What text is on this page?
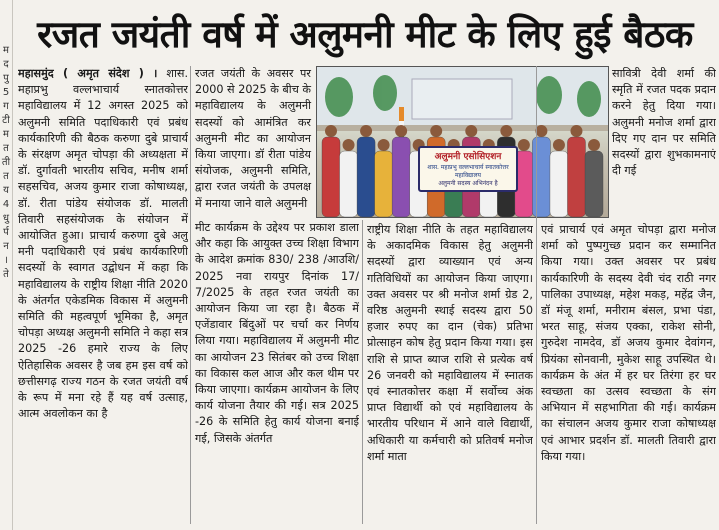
म
द
पु
5
ग
टी
म
त
ती
त
य
4
धु
र्प
न
।
ते
रजत जयंती वर्ष में अलुमनी मीट के लिए हुई बैठक

महासमुंद ( अमृत संदेश ) । शास. महाप्रभु वल्लभाचार्य स्नातकोत्तर महाविद्यालय में 12 अगस्त 2025 को अलुमनी समिति पदाधिकारी एवं प्रबंध कार्यकारिणी की बैठक करुणा दुबे प्राचार्य के संरक्षण अमृत चोपड़ा की अध्यक्षता में डॉ. दुर्गावती भारतीय सचिव, मनीष शर्मा सहसचिव, अजय कुमार राजा कोषाध्यक्ष, डॉ. रीता पांडेय संयोजक डॉ. मालती तिवारी सहसंयोजक के संयोजन में आयोजित हुआ। प्राचार्य करुणा दुबे अलु मनी पदाधिकारी एवं प्रबंध कार्यकारिणी सदस्यों के स्वागत उद्बोधन में कहा कि महाविद्यालय के राष्ट्रीय शिक्षा नीति 2020 के अंतर्गत एकेडमिक विकास में अलुमनी समिति की महत्वपूर्ण भूमिका है, अमृत चोपड़ा अध्यक्ष अलुमनी समिति ने कहा सत्र 2025 -26 हमारे राज्य के लिए ऐतिहासिक अवसर है जब हम इस वर्ष को छत्तीसगढ़ राज्य गठन के रजत जयंती वर्ष के रूप में मना रहे हैं यह वर्ष उत्साह, आत्म अवलोकन का है

रजत जयंती के अवसर पर 2000 से 2025 के बीच के महाविद्यालय के अलुमनी सदस्यों को आमंत्रित कर अलुमनी मीट का आयोजन किया जाएगा। डॉ रीता पांडेय संयोजक, अलुमनी समिति, द्वारा रजत जयंती के उपलक्ष में मनाया जाने वाले अलुमनी

मीट कार्यक्रम के उद्देश्य पर प्रकाश डाला और कहा कि आयुक्त उच्च शिक्षा विभाग के आदेश क्रमांक 830/ 238 /आउशि/ 2025 नवा रायपुर दिनांक 17/ 7/2025 के तहत रजत जयंती का आयोजन किया जा रहा है। बैठक में एजेंडावार बिंदुओं पर चर्चा कर निर्णय लिया गया। महाविद्यालय में अलुमनी मीट का आयोजन 23 सितंबर को उच्च शिक्षा का विकास कल आज और कल थीम पर किया जाएगा। कार्यक्रम आयोजन के लिए कार्य योजना तैयार की गई। सत्र 2025 -26 के समिति हेतु कार्य योजना बनाई गई, जिसके अंतर्गत

अलुमनी एसोसिएशन
शास. महाप्रभु वल्लभाचार्य स्नातकोत्तर महाविद्यालय
अलुमनी सदस्य अभिनंदन है

राष्ट्रीय शिक्षा नीति के तहत महाविद्यालय के अकादमिक विकास हेतु अलुमनी सदस्यों द्वारा व्याख्यान एवं अन्य गतिविधियों का आयोजन किया जाएगा। उक्त अवसर पर श्री मनोज शर्मा ग्रेड 2, वरिष्ठ अलुमनी स्थाई सदस्य द्वारा 50 हजार रुपए का दान (चेक) प्रतिभा प्रोत्साहन कोष हेतु प्रदान किया गया। इस राशि से प्राप्त ब्याज राशि से प्रत्येक वर्ष 26 जनवरी को महाविद्यालय में स्नातक एवं स्नातकोत्तर कक्षा में सर्वोच्च अंक प्राप्त विद्यार्थी को एवं महाविद्यालय के भारतीय परिधान में आने वाले विद्यार्थी, अधिकारी या कर्मचारी को प्रतिवर्ष मनोज शर्मा माता

सावित्री देवी शर्मा की स्मृति में रजत पदक प्रदान करने हेतु दिया गया। अलुमनी मनोज शर्मा द्वारा दिए गए दान पर समिति सदस्यों द्वारा शुभकामनाएं दी गई

एवं प्राचार्य एवं अमृत चोपड़ा द्वारा मनोज शर्मा को पुष्पगुच्छ प्रदान कर सम्मानित किया गया। उक्त अवसर पर प्रबंध कार्यकारिणी के सदस्य देवी चंद राठी नगर पालिका उपाध्यक्ष, महेश मकड़, महेंद्र जैन, डॉ मंजू शर्मा, मनीराम बंसल, प्रभा पंडा, भरत साहू, संजय एक्का, राकेश सोनी, गुरुदेश नामदेव, डॉ अजय कुमार देवांगन, प्रियंका सोनवानी, मुकेश साहू उपस्थित थे। कार्यक्रम के अंत में हर घर तिरंगा हर घर स्वच्छता का उत्सव स्वच्छता के संग अभियान में सहभागिता की गई। कार्यक्रम का संचालन अजय कुमार राजा कोषाध्यक्ष एवं आभार प्रदर्शन डॉ. मालती तिवारी द्वारा किया गया।
